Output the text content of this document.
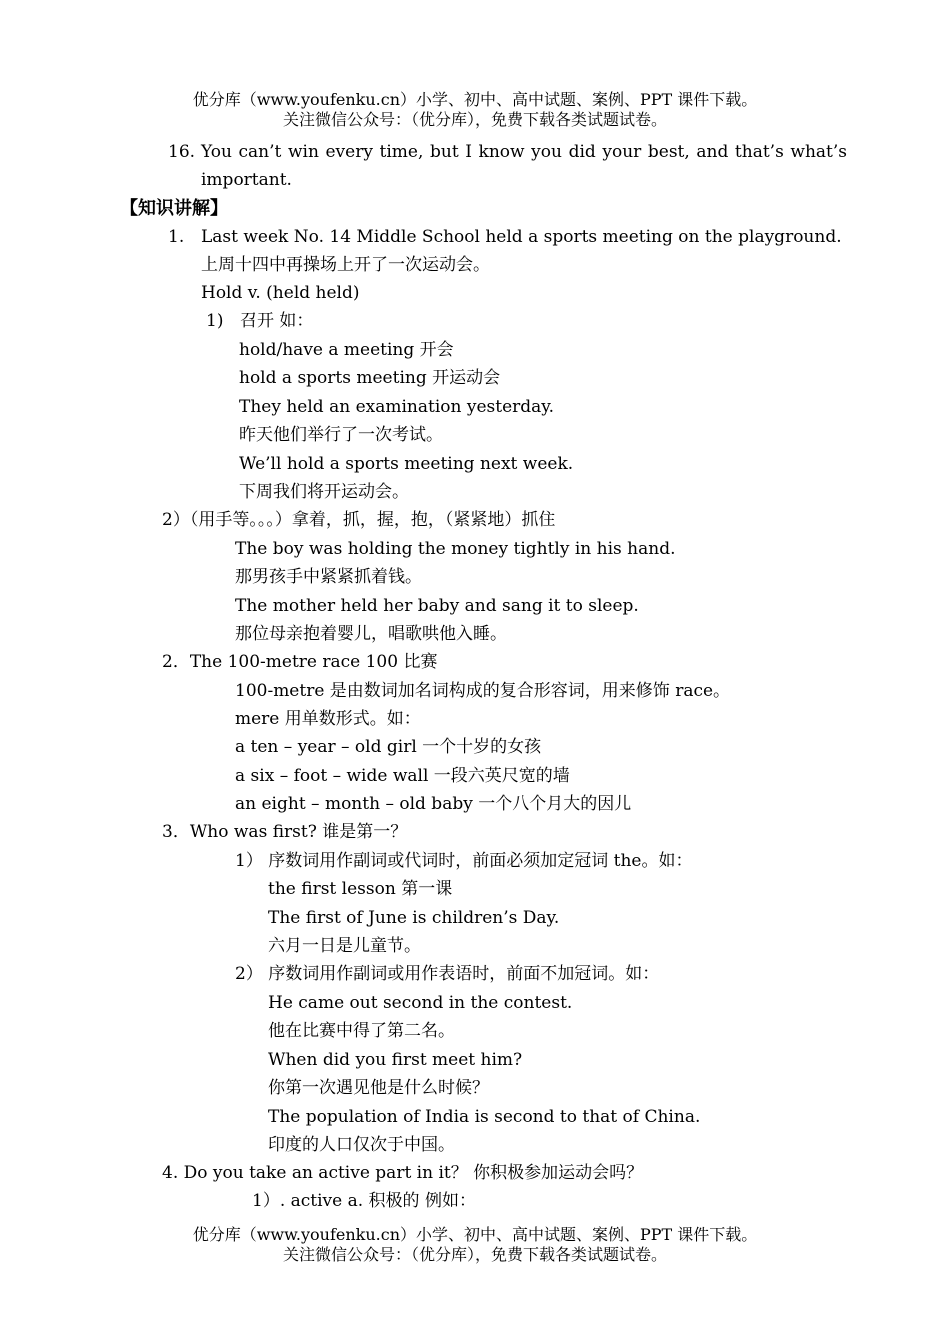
优分库（www.youfenku.cn）小学、初中、高中试题、案例、PPT 课件下载。
关注微信公众号：（优分库），免费下载各类试题试卷。
16. You can’t win every time, but I know you did your best, and that’s what’s
important.
【知识讲解】
1. Last week No. 14 Middle School held a sports meeting on the playground.
上周十四中再操场上开了一次运动会。
Hold v. (held held)
1) 召开 如：
hold/have a meeting 开会
hold a sports meeting 开运动会
They held an examination yesterday.
昨天他们举行了一次考试。
We’ll hold a sports meeting next week.
下周我们将开运动会。
2）（用手等。。。）拿着，抓，握，抱，（紧紧地）抓住
The boy was holding the money tightly in his hand.
那男孩手中紧紧抓着钱。
The mother held her baby and sang it to sleep.
那位母亲抱着婴儿，唱歌哄他入睡。
2．The 100-metre race 100 比赛
100-metre 是由数词加名词构成的复合形容词，用来修饰 race。
mere 用单数形式。如：
a ten – year – old girl 一个十岁的女孩
a six – foot – wide wall 一段六英尺宽的墙
an eight – month – old baby 一个八个月大的因儿
3．Who was first? 谁是第一？
1） 序数词用作副词或代词时，前面必须加定冠词 the。如：
the first lesson 第一课
The first of June is children’s Day.
六月一日是儿童节。
2） 序数词用作副词或用作表语时，前面不加冠词。如：
He came out second in the contest.
他在比赛中得了第二名。
When did you first meet him?
你第一次遇见他是什么时候？
The population of India is second to that of China.
印度的人口仅次于中国。
4. Do you take an active part in it？ 你积极参加运动会吗？
1）. active a. 积极的 例如：
优分库（www.youfenku.cn）小学、初中、高中试题、案例、PPT 课件下载。
关注微信公众号：（优分库），免费下载各类试题试卷。
